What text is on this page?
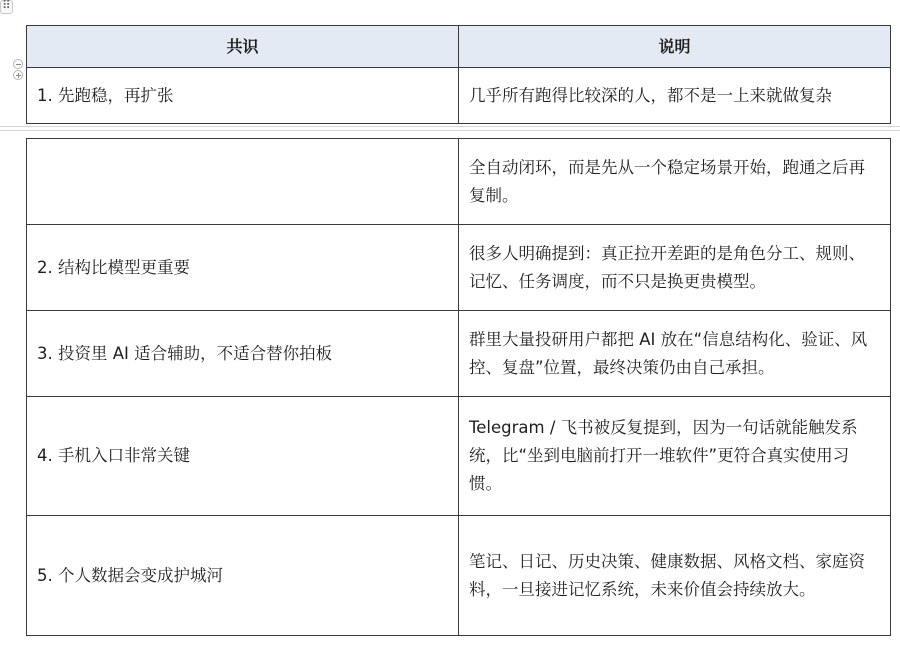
⠿
共识	说明
1. 先跑稳，再扩张	几乎所有跑得比较深的人，都不是一上来就做复杂
	全自动闭环，而是先从一个稳定场景开始，跑通之后再复制。
2. 结构比模型更重要	很多人明确提到：真正拉开差距的是角色分工、规则、记忆、任务调度，而不只是换更贵模型。
3. 投资里 AI 适合辅助，不适合替你拍板	群里大量投研用户都把 AI 放在“信息结构化、验证、风控、复盘”位置，最终决策仍由自己承担。
4. 手机入口非常关键	Telegram / 飞书被反复提到，因为一句话就能触发系统，比“坐到电脑前打开一堆软件”更符合真实使用习惯。
5. 个人数据会变成护城河	笔记、日记、历史决策、健康数据、风格文档、家庭资料，一旦接进记忆系统，未来价值会持续放大。
